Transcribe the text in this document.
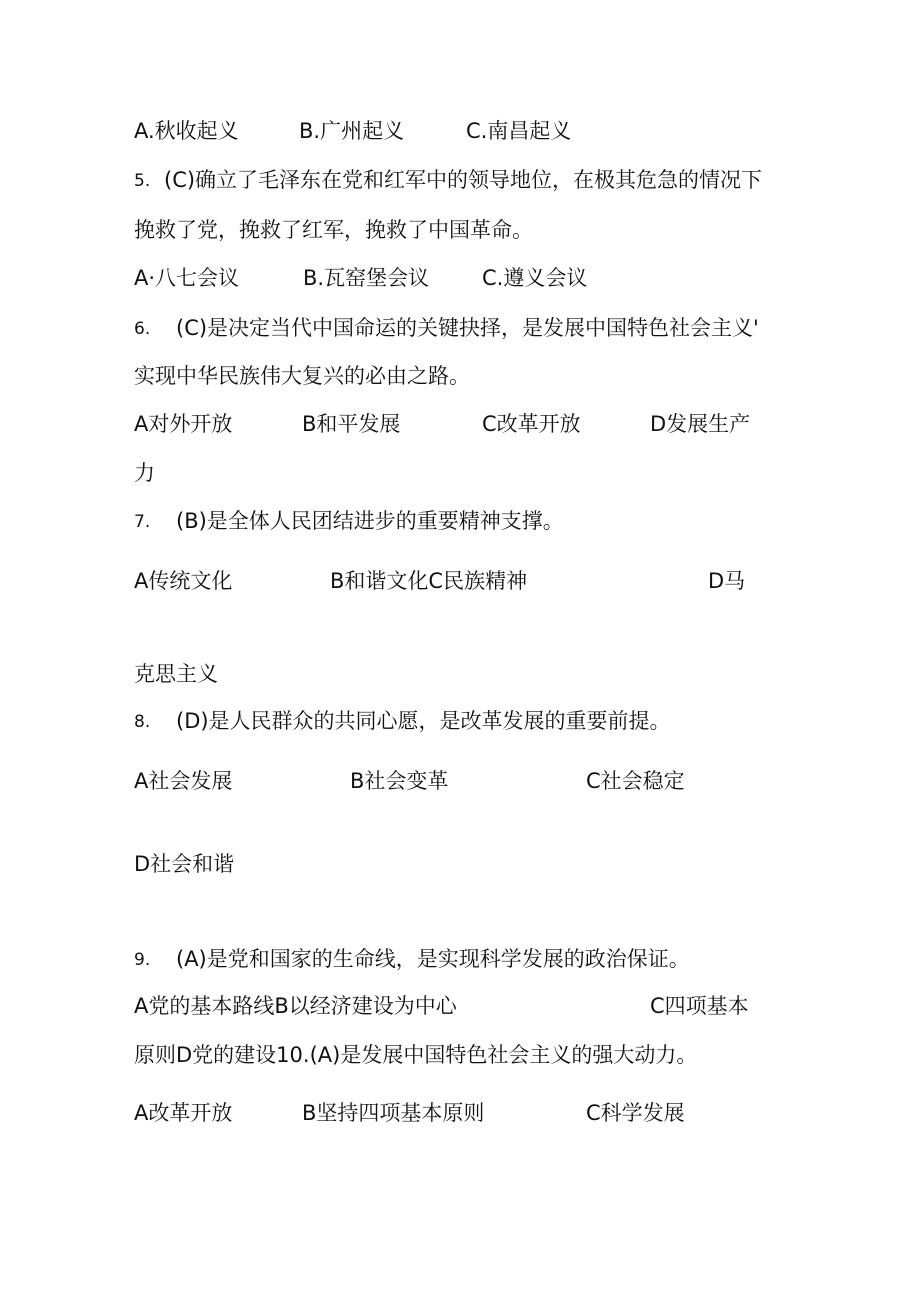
A.秋收起义	B.广州起义	C.南昌起义
5. (C)确立了毛泽东在党和红军中的领导地位，在极其危急的情况下
挽救了党，挽救了红军，挽救了中国革命。
A·八七会议	B.瓦窑堡会议	C.遵义会议
6. (C)是决定当代中国命运的关键抉择，是发展中国特色社会主义'
实现中华民族伟大复兴的必由之路。
A对外开放	B和平发展	C改革开放	D发展生产
力
7. (B)是全体人民团结进步的重要精神支撑。
A传统文化	B和谐文化C民族精神	D马
克思主义
8. (D)是人民群众的共同心愿，是改革发展的重要前提。
A社会发展	B社会变革	C社会稳定
D社会和谐
9. (A)是党和国家的生命线，是实现科学发展的政治保证。
A党的基本路线B以经济建设为中心	C四项基本
原则D党的建设10.(A)是发展中国特色社会主义的强大动力。
A改革开放	B坚持四项基本原则	C科学发展
